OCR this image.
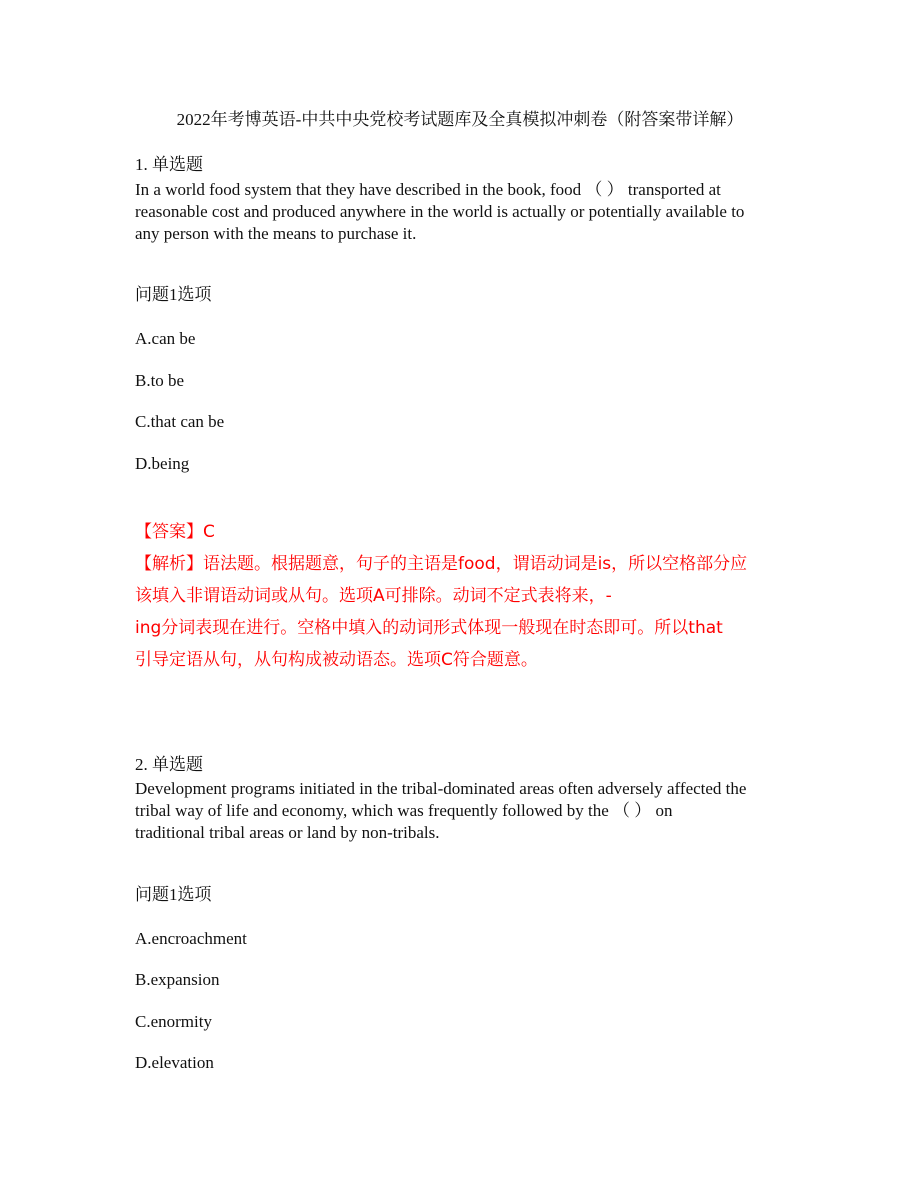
2022年考博英语-中共中央党校考试题库及全真模拟冲刺卷（附答案带详解）
1. 单选题
In a world food system that they have described in the book, food （ ） transported at
reasonable cost and produced anywhere in the world is actually or potentially available to
any person with the means to purchase it.
问题1选项
A.can be
B.to be
C.that can be
D.being
【答案】C
【解析】语法题。根据题意，句子的主语是food，谓语动词是is，所以空格部分应
该填入非谓语动词或从句。选项A可排除。动词不定式表将来，-
ing分词表现在进行。空格中填入的动词形式体现一般现在时态即可。所以that
引导定语从句，从句构成被动语态。选项C符合题意。
2. 单选题
Development programs initiated in the tribal-dominated areas often adversely affected the
tribal way of life and economy, which was frequently followed by the （ ） on
traditional tribal areas or land by non-tribals.
问题1选项
A.encroachment
B.expansion
C.enormity
D.elevation
